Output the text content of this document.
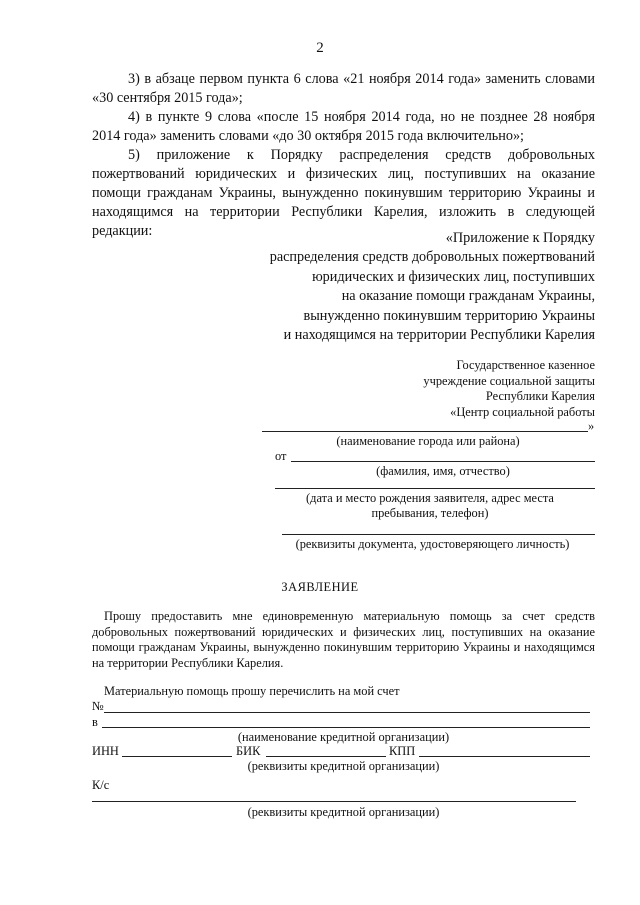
2
3) в абзаце первом пункта 6 слова «21 ноября 2014 года» заменить словами «30 сентября 2015 года»;
4) в пункте 9 слова «после 15 ноября 2014 года, но не позднее 28 ноября 2014 года» заменить словами «до 30 октября 2015 года включительно»;
5) приложение к Порядку распределения средств добровольных пожертвований юридических и физических лиц, поступивших на оказание помощи гражданам Украины, вынужденно покинувшим территорию Украины и находящимся на территории Республики Карелия, изложить в следующей редакции:	«Приложение к Порядку
распределения средств добровольных пожертвований
юридических и физических лиц, поступивших
на оказание помощи гражданам Украины,
вынужденно покинувшим территорию Украины
и находящимся на территории Республики Карелия
Государственное казенное
учреждение социальной защиты
Республики Карелия
«Центр социальной работы
»
(наименование города или района)
от
(фамилия, имя, отчество)
(дата и место рождения заявителя, адрес места
пребывания, телефон)
(реквизиты документа, удостоверяющего личность)
ЗАЯВЛЕНИЕ
Прошу предоставить мне единовременную материальную помощь за счет средств добровольных пожертвований юридических и физических лиц, поступивших на оказание помощи гражданам Украины, вынужденно покинувшим территорию Украины и находящимся на территории Республики Карелия.
Материальную помощь прошу перечислить на мой счет
№
в
(наименование кредитной организации)
ИНН	БИК	КПП
(реквизиты кредитной организации)
К/с
(реквизиты кредитной организации)
